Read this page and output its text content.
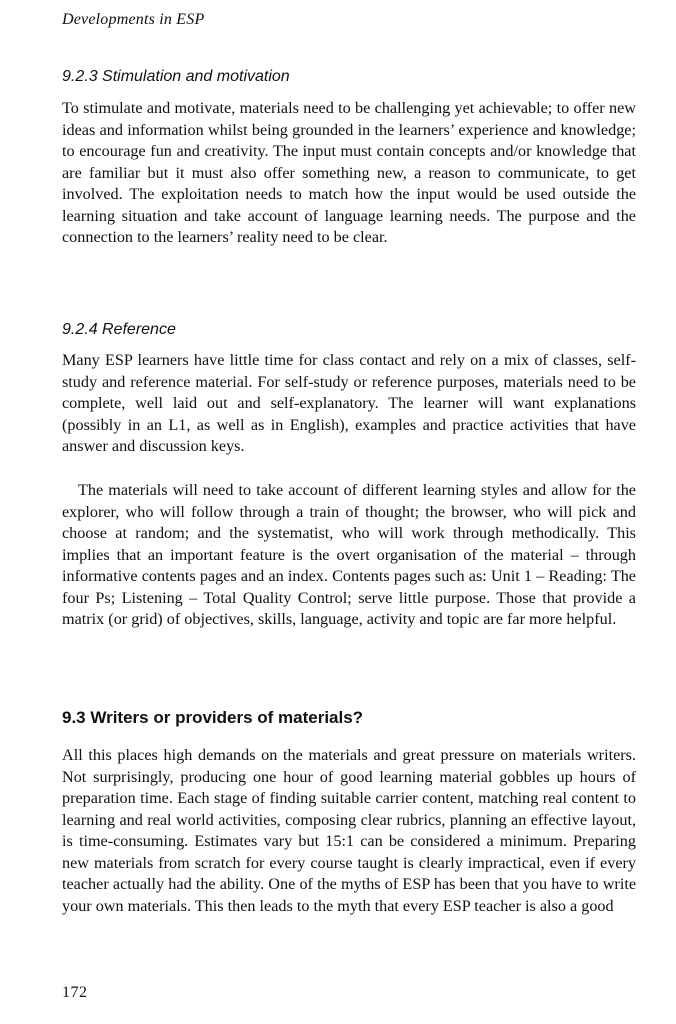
Developments in ESP
9.2.3 Stimulation and motivation
To stimulate and motivate, materials need to be challenging yet achievable; to offer new ideas and information whilst being grounded in the learners’ experience and knowledge; to encourage fun and creativity. The input must contain concepts and/or knowledge that are familiar but it must also offer something new, a reason to communicate, to get involved. The exploitation needs to match how the input would be used outside the learning situation and take account of language learning needs. The purpose and the connection to the learners’ reality need to be clear.
9.2.4 Reference
Many ESP learners have little time for class contact and rely on a mix of classes, self-study and reference material. For self-study or reference purposes, materials need to be complete, well laid out and self-explanatory. The learner will want explanations (possibly in an L1, as well as in English), examples and practice activities that have answer and discussion keys.
The materials will need to take account of different learning styles and allow for the explorer, who will follow through a train of thought; the browser, who will pick and choose at random; and the systematist, who will work through methodically. This implies that an important feature is the overt organisation of the material – through informative contents pages and an index. Contents pages such as: Unit 1 – Reading: The four Ps; Listening – Total Quality Control; serve little purpose. Those that provide a matrix (or grid) of objectives, skills, language, activity and topic are far more helpful.
9.3 Writers or providers of materials?
All this places high demands on the materials and great pressure on materials writers. Not surprisingly, producing one hour of good learning material gobbles up hours of preparation time. Each stage of finding suitable carrier content, matching real content to learning and real world activities, composing clear rubrics, planning an effective layout, is time-consuming. Estimates vary but 15:1 can be considered a minimum. Preparing new materials from scratch for every course taught is clearly impractical, even if every teacher actually had the ability. One of the myths of ESP has been that you have to write your own materials. This then leads to the myth that every ESP teacher is also a good
172
